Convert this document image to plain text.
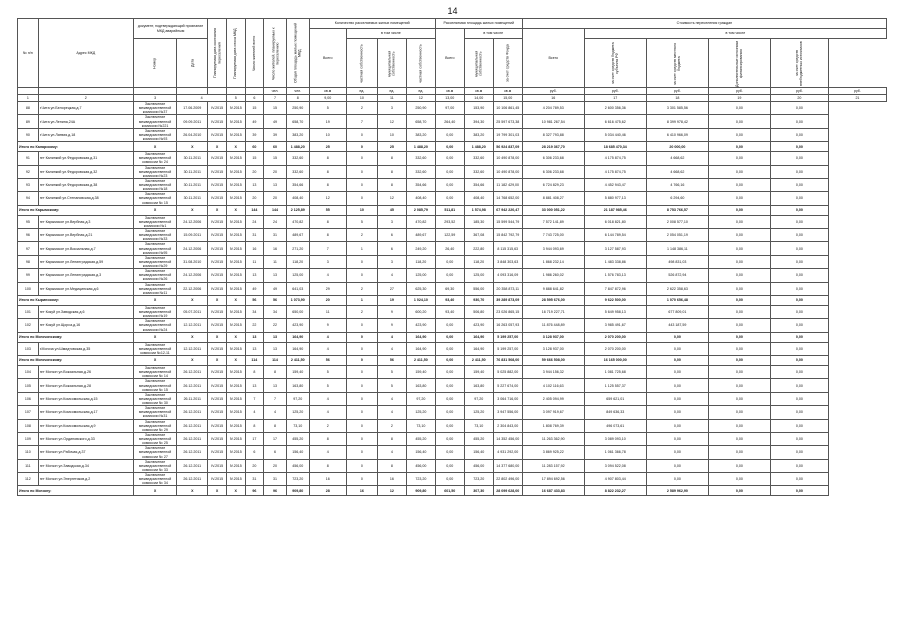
14
№ п/п	Адрес МКД	документ, подтверждающий признание МКД аварийным		Планируемая дата окончания переселения	Планируемая дата сноса МКД	Число жителей всего	Число жителей, планируемых к переселению	Общая площадь жилых помещений МКД	Количество расселяемых жилых помещений				Расселяемая площадь жилых помещений			Стоимость переселения граждан					
									Всего	в том числе			Всего	в том числе		Всего	в том числе				
		Номер	Дата							частная собственность	муниципальная собственность	частная собственность		муниципальная собственность	за счет средств Фонда		за счет средств бюджета субъекта РФ	за счет средств местного бюджета	Дополнительные источники финансирования	за счет средств внебюджетных источников	
							чел.	чел.	кв.м	ед.	ед.	ед.	кв.м	кв.м	кв.м	руб.	руб.	руб.	руб.	руб.	руб.
1	2	3	4		5	6	7	8	9,00	10	11	12	13,00	14,00	15,00	16	17	18	19	20	21
88	г.Чита ул.Белорецкая,д.7	Заключение межведомственной комиссии №37	17.06.2009	IV.2015	IV.2015	15	15	250,90	5	2	3	250,90	97,00	153,90	10 106 861,45	4 204 789,53	2 600 356,36	3 301 585,56	0,00	0,00	
89	г.Чита ул.Ленина,24А	Заключение межведомственной комиссии №221	09.09.2011	IV.2015	IV.2015	49	49	658,70	19	7	12	658,70	264,40	394,30	25 597 673,38	10 981 267,54	6 616 475,62	8 399 978,42	0,00	0,00	
90	г.Чита ул.Латвия,д.18	Заключение межведомственной комиссии №93	26.04.2010	IV.2015	IV.2015	39	39	383,20	10	0	10	383,20	0,00	383,20	19 799 301,03	8 327 793,88	5 034 440,46	6 410 966,09	0,00	0,00	
Итого по Каларскому:		X	X	X	X	60	60	1 488,20	25	0	25	1 488,20	0,00	1 488,20	56 924 837,09	28 219 367,70	18 685 470,34	20 000,00	0,00	0,00	
91	пгт Калинкий ул.Федоровская,д.31	Заключение межведомственной комиссии № 24	30.11.2011	IV.2015	IV.2015	15	15	332,60	8	0	8	332,60	0,00	332,60	10 490 878,00	6 306 233,68	4 175 874,75	4 668,62	0,00	0,00	
92	пгт Калинкий ул.Федоровская,д.32	Заключение межведомственной комиссии №23	30.11.2011	IV.2015	IV.2015	20	20	332,60	8	0	8	332,60	0,00	332,60	10 490 878,00	6 306 233,68	4 175 874,75	4 668,62	0,00	0,00	
93	пгт Калинкий ул.Федоровская,д.38	Заключение межведомственной комиссии №18	30.11.2011	IV.2015	IV.2015	13	13	354,66	8	0	8	354,66	0,00	354,66	11 182 429,00	6 724 829,23	4 452 943,47	4 766,16	0,00	0,00	
94	пгт Калинкий ул.Степановская,д.38	Заключение межведомственной комиссии № 15	30.11.2011	IV.2015	IV.2015	20	20	408,40	12	0	12	408,40	0,00	408,40	14 768 652,00	8 881 408,27	5 880 977,13	6 294,60	0,00	0,00	
Итого по Карымскому:		X	X	X	X	144	144	2 125,89	55	10	45	2 085,79	511,81	1 574,98	67 942 220,47	33 000 051,22	21 187 985,46	8 753 766,57	0,00	0,00	
95	пгт Карымское ул.Вербная,д.3	Заключение межведомственной комиссии №1	24.12.2006	IV.2015	IV.2015	24	24	470,82	8	5	3	470,82	293,52	185,30	15 599 544,79	7 572 141,89	6 018 821,80	2 008 577,10	0,00	0,00	
96	пгт Карымское ул.Вербная,д.21	Заключение межведомственной комиссии №33	15.09.2011	IV.2015	IV.2015	31	31	489,67	8	2	6	489,67	122,59	367,08	15 842 792,79	7 743 725,00	6 144 789,54	2 054 051,19	0,00	0,00	
97	пгт Карымское ул.Вокзальная,д.7	Заключение межведомственной комиссии №95	24.12.2006	IV.2015	IV.2015	16	16	271,20	7	1	6	249,20	26,40	222,80	8 115 315,63	3 944 093,69	3 127 587,93	1 148 386,11	0,00	0,00	
98	пгт Карымское ул.Ленинградская,д.59	Заключение межведомственной комиссии №29	31.08.2010	IV.2015	IV.2015	11	11	118,20	3	0	3	118,20	0,00	118,20	3 848 303,63	1 868 232,14	1 483 338,86	498 831,03	0,00	0,00	
99	пгт Карымское ул.Ленинградская,д.3	Заключение межведомственной комиссии №26	24.12.2006	IV.2015	IV.2015	13	13	125,00	4	0	4	125,00	0,00	125,00	4 093 316,09	1 986 260,02	1 576 783,13	526 872,94	0,00	0,00	
100	пгт Карымское ул.Медицинская,д.6	Заключение межведомственной комиссии №11	22.12.2006	IV.2015	IV.2015	49	49	641,03	29	2	27	625,30	69,30	556,00	20 358 873,11	9 888 641,82	7 847 872,96	2 622 358,63	0,00	0,00	
Итого по Кыринскому:		X	X	X	X	56	56	1 073,90	20	1	19	1 024,10	93,40	930,70	39 289 873,09	28 595 676,00	9 622 500,00	1 070 656,48	0,00	0,00	
101	пгт Кокуй ул.Заводская,д.6	Заключение межведомственной комиссии №19	05.07.2011	IV.2015	IV.2015	34	34	650,00	11	2	9	600,20	93,40	506,80	23 026 865,15	16 719 227,71	5 649 958,13	677 809,01	0,00	0,00	
102	пгт Кокуй ул.Щорса,д.16	Заключение межведомственной комиссии №24	12.12.2011	IV.2015	IV.2015	22	22	423,90	9	0	9	423,90	0,00	423,90	16 263 057,93	11 876 448,89	3 985 491,67	443 187,59	0,00	0,00	
Итого по Могочинскому:		X	X	X	X	13	13	164,90	4	0	4	164,90	0,00	164,90	5 199 257,00	3 128 937,00	2 070 200,00	0,00	0,00	0,00	
103	г.Могоча ул.Шмидтовская,д.35	Заключение межведомственной комиссии №12-11	12.12.2011	IV.2015	IV.2015	13	13	164,90	4	0	4	164,90	0,00	164,90	5 199 257,00	3 128 937,00	2 070 200,00	0,00	0,00	0,00	
Итого по Могочинскому:		X	X	X	X	114	114	2 411,50	56	0	56	2 411,50	0,00	2 411,50	76 831 508,00	59 666 508,00	16 165 000,00	0,00	0,00	0,00	
104	пгт Могзон ул.Вокзальная,д.26	Заключение межведомственной комиссии № 14	26.12.2011	IV.2015	IV.2015	8	8	159,40	5	0	5	159,40	0,00	159,40	5 025 882,00	3 944 156,32	1 081 725,68	0,00	0,00	0,00	
105	пгт Могзон ул.Вокзальная,д.28	Заключение межведомственной комиссии № 15	26.12.2011	IV.2015	IV.2015	13	13	163,80	5	0	5	163,80	0,00	163,80	5 227 674,00	4 102 116,63	1 125 557,37	0,00	0,00	0,00	
106	пгт Могзон ул.Комсомольская,д.15	Заключение межведомственной комиссии № 30	26.11.2011	IV.2015	IV.2015	7	7	97,20	4	0	4	97,20	0,00	97,20	3 064 716,00	2 405 094,99	659 621,01	0,00	0,00	0,00	
107	пгт Могзон ул.Комсомольская,д.17	Заключение межведомственной комиссии №31	26.12.2011	IV.2015	IV.2015	4	4	125,20	4	0	4	125,20	0,00	125,20	3 947 556,00	3 097 919,67	849 636,33	0,00	0,00	0,00	
108	пгт Могзон ул.Комсомольская,д.9	Заключение межведомственной комиссии № 29	26.12.2011	IV.2015	IV.2015	8	8	73,10	2	0	2	73,10	0,00	73,10	2 304 843,00	1 808 769,39	496 073,61	0,00	0,00	0,00	
109	пгт Могзон ул.Ординовского,д.33	Заключение межведомственной комиссии № 25	26.12.2011	IV.2015	IV.2015	17	17	455,20	8	0	8	455,20	0,00	455,20	14 352 456,00	11 263 362,90	3 089 093,10	0,00	0,00	0,00	
110	пгт Могзон ул.Рабочая,д.37	Заключение межведомственной комиссии № 27	26.12.2011	IV.2015	IV.2015	6	6	156,40	4	0	4	156,40	0,00	156,40	4 931 292,00	3 869 925,22	1 061 366,78	0,00	0,00	0,00	
111	пгт Могзон ул.Заводская,д.34	Заключение межведомственной комиссии № 33	26.12.2011	IV.2015	IV.2015	20	20	456,00	8	0	8	456,00	0,00	456,00	14 377 680,00	11 283 157,92	3 094 522,08	0,00	0,00	0,00	
112	пгт Могзон ул.Энергетиков,д.2	Заключение межведомственной комиссии № 34	26.12.2011	IV.2015	IV.2015	31	31	723,20	16	0	16	723,20	0,00	723,20	22 802 496,00	17 894 692,56	4 907 803,44	0,00	0,00	0,00	
Итого по Могзону:		X	X	X	X	96	96	909,80	28	16	12	909,80	601,50	307,30	28 099 628,00	16 687 433,83	8 822 232,27	2 589 962,90	0,00	0,00	
